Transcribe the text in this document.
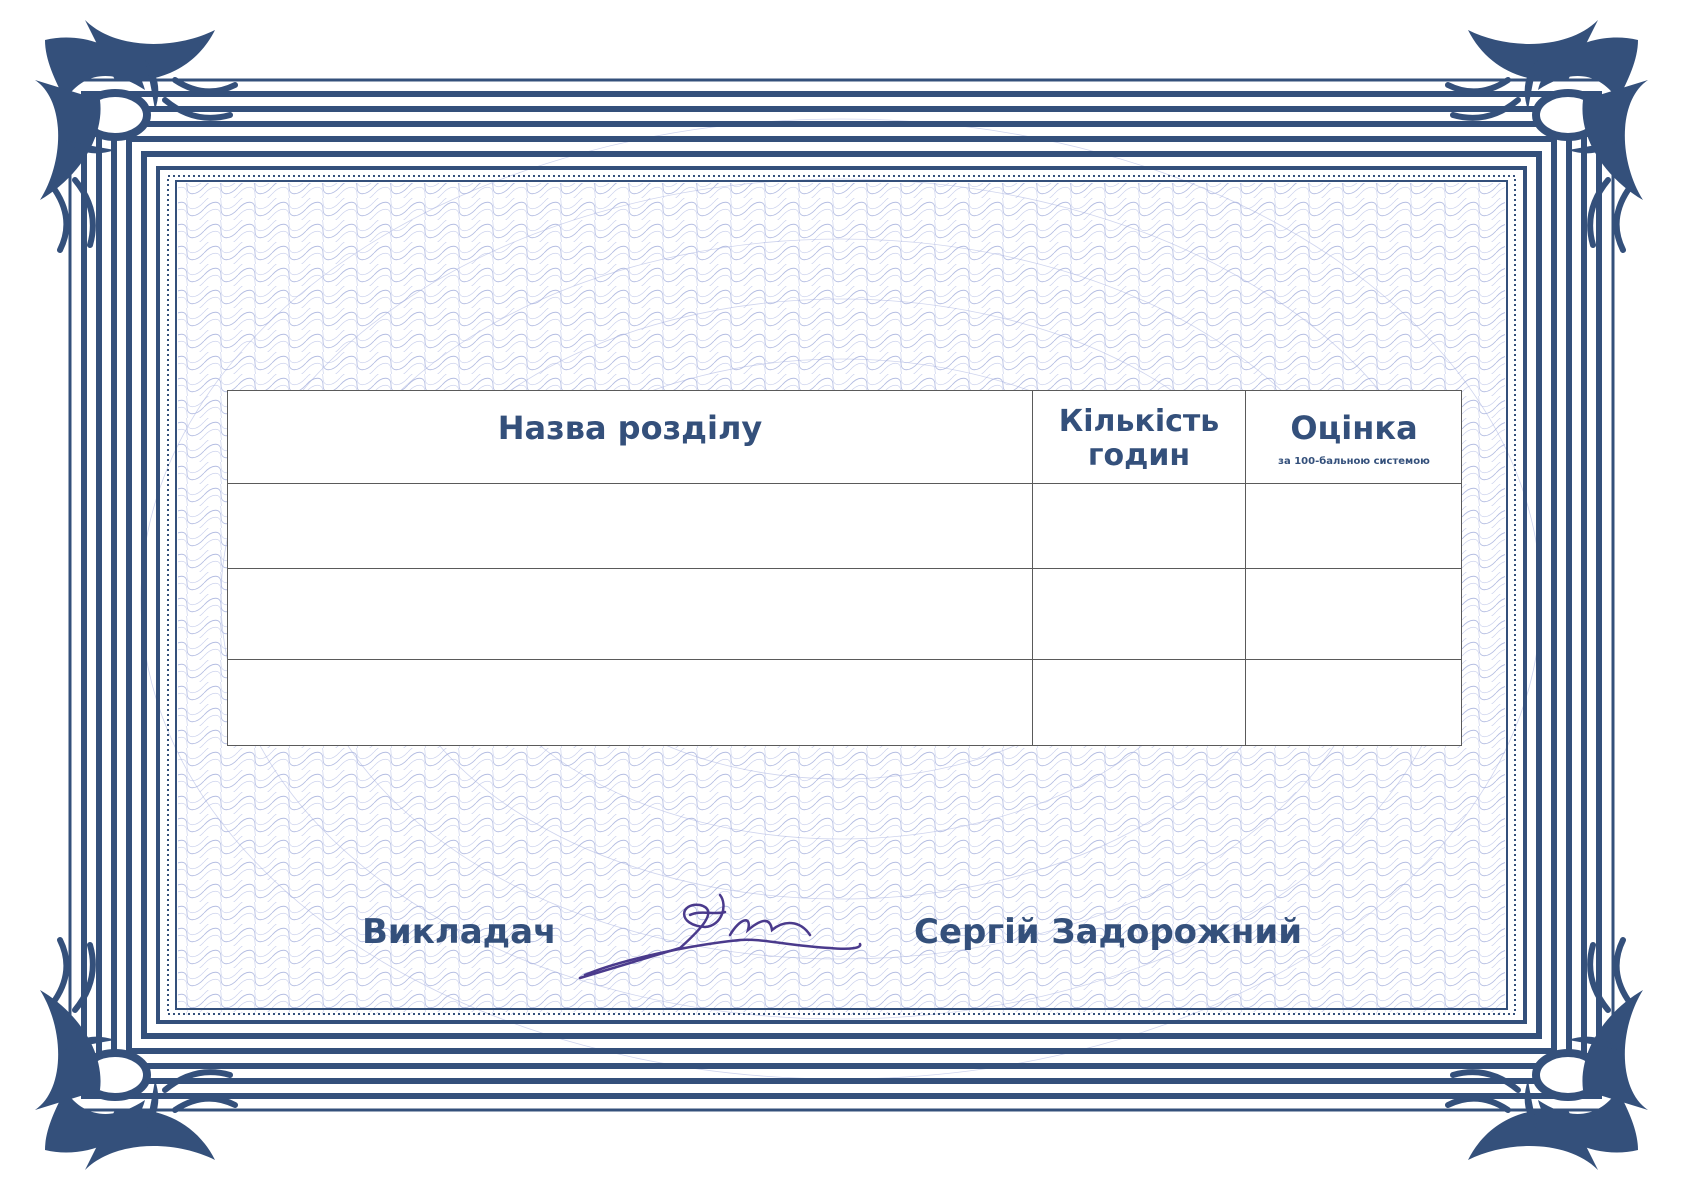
Назва розділу	Кількість
годин
Оцінка
за 100-бальною системою
Викладач	Сергій Задорожний
